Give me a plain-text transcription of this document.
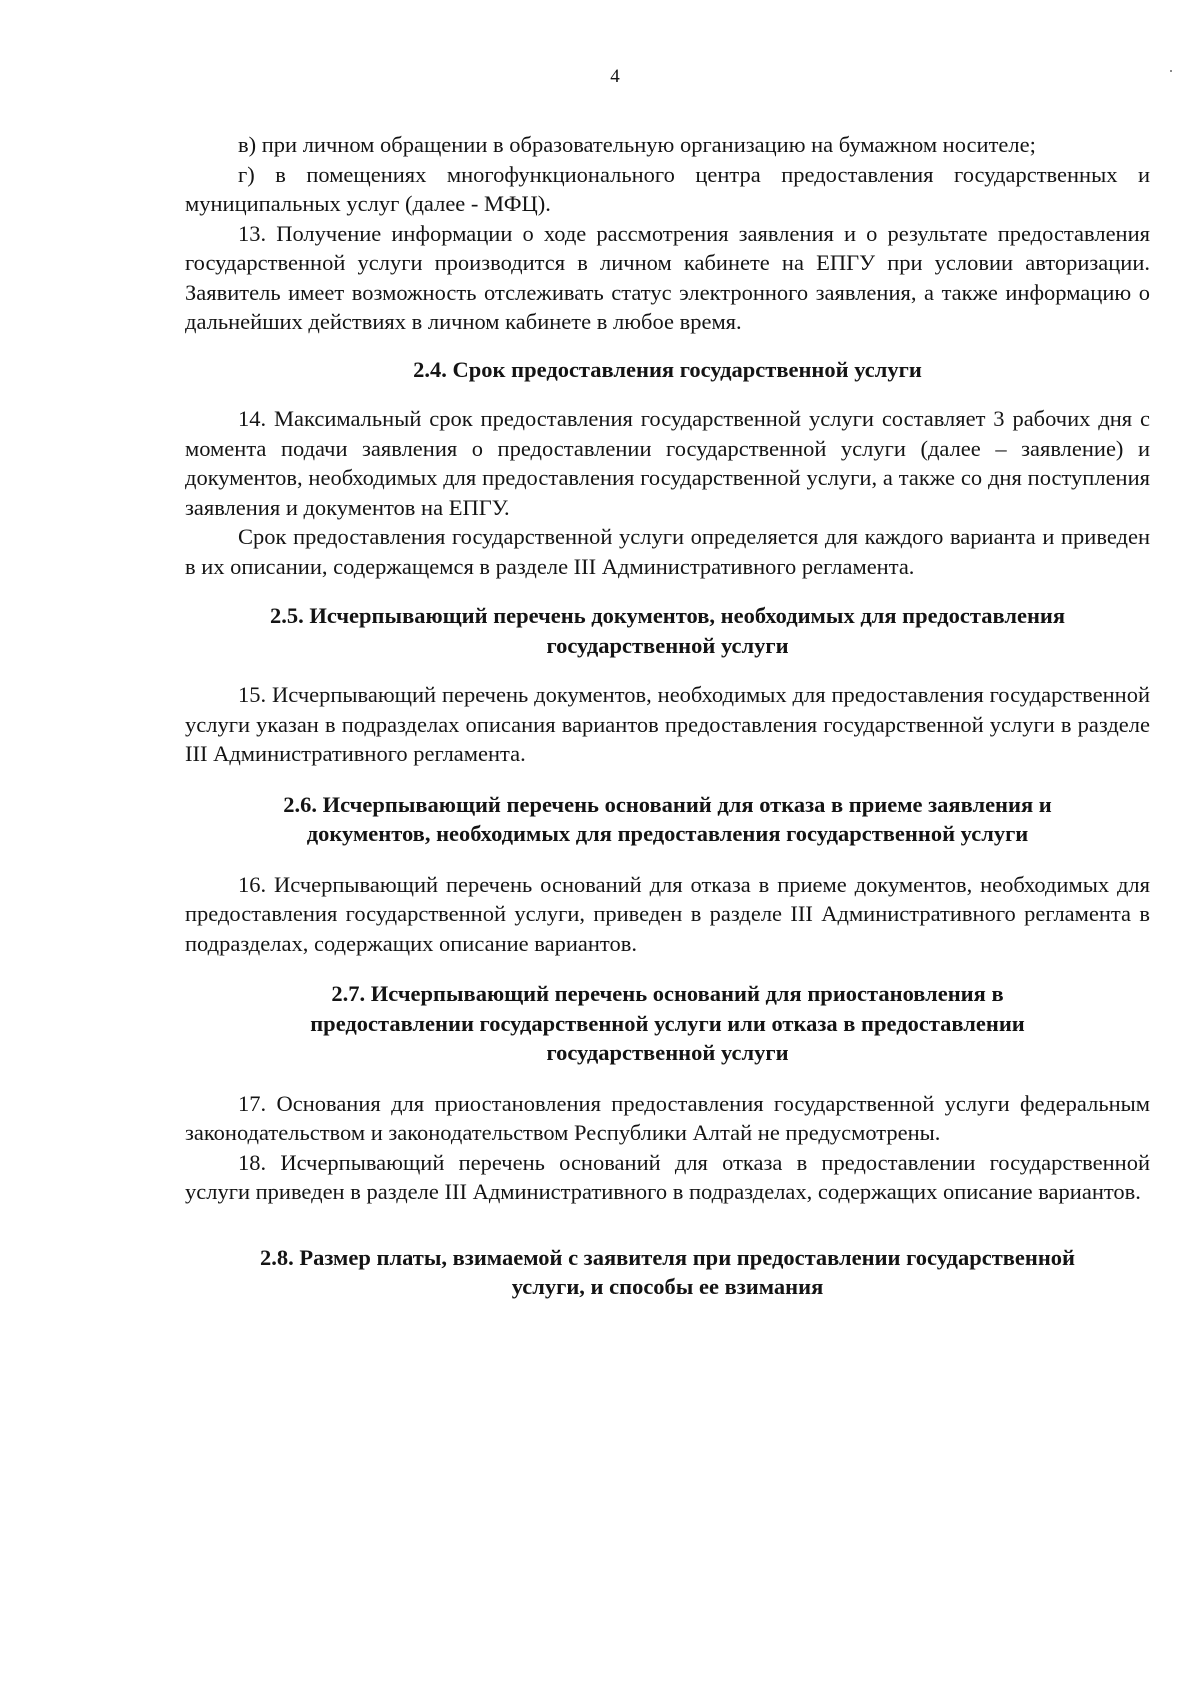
4

в) при личном обращении в образовательную организацию на бумажном носителе;

г) в помещениях многофункционального центра предоставления государственных и муниципальных услуг (далее - МФЦ).

13. Получение информации о ходе рассмотрения заявления и о результате предоставления государственной услуги производится в личном кабинете на ЕПГУ при условии авторизации. Заявитель имеет возможность отслеживать статус электронного заявления, а также информацию о дальнейших действиях в личном кабинете в любое время.

2.4. Срок предоставления государственной услуги

14. Максимальный срок предоставления государственной услуги составляет 3 рабочих дня с момента подачи заявления о предоставлении государственной услуги (далее – заявление) и документов, необходимых для предоставления государственной услуги, а также со дня поступления заявления и документов на ЕПГУ.

Срок предоставления государственной услуги определяется для каждого варианта и приведен в их описании, содержащемся в разделе III Административного регламента.

2.5. Исчерпывающий перечень документов, необходимых для предоставления
государственной услуги

15. Исчерпывающий перечень документов, необходимых для предоставления государственной услуги указан в подразделах описания вариантов предоставления государственной услуги в разделе III Административного регламента.

2.6. Исчерпывающий перечень оснований для отказа в приеме заявления и
документов, необходимых для предоставления государственной услуги

16. Исчерпывающий перечень оснований для отказа в приеме документов, необходимых для предоставления государственной услуги, приведен в разделе III Административного регламента в подразделах, содержащих описание вариантов.

2.7. Исчерпывающий перечень оснований для приостановления в
предоставлении государственной услуги или отказа в предоставлении
государственной услуги

17. Основания для приостановления предоставления государственной услуги федеральным законодательством и законодательством Республики Алтай не предусмотрены.

18. Исчерпывающий перечень оснований для отказа в предоставлении государственной услуги приведен в разделе III Административного в подразделах, содержащих описание вариантов.

2.8. Размер платы, взимаемой с заявителя при предоставлении государственной
услуги, и способы ее взимания
